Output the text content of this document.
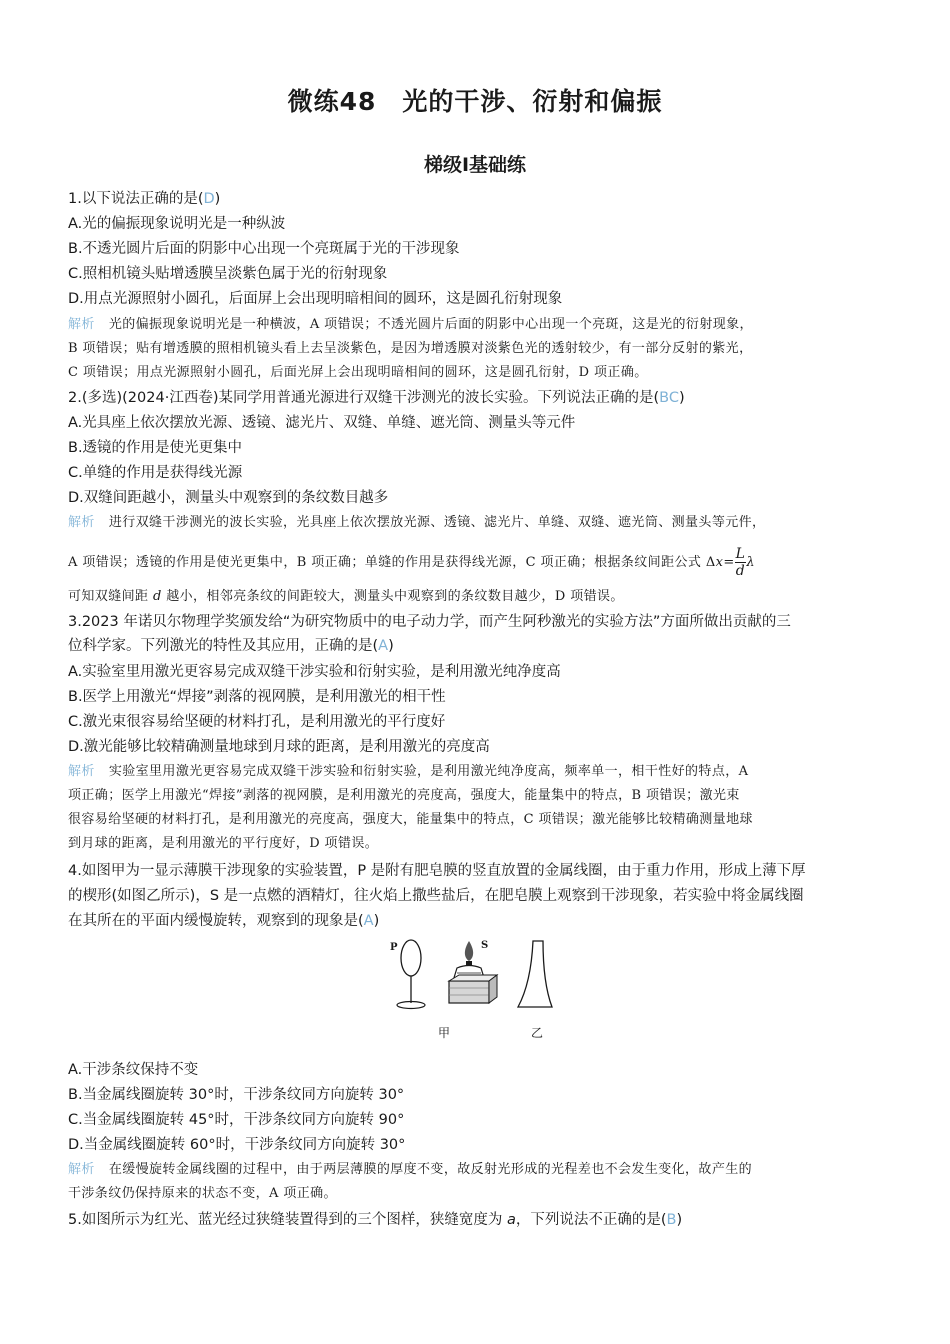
微练48　光的干涉、衍射和偏振
梯级Ⅰ基础练
1.以下说法正确的是(D)
A.光的偏振现象说明光是一种纵波
B.不透光圆片后面的阴影中心出现一个亮斑属于光的干涉现象
C.照相机镜头贴增透膜呈淡紫色属于光的衍射现象
D.用点光源照射小圆孔，后面屏上会出现明暗相间的圆环，这是圆孔衍射现象
解析 光的偏振现象说明光是一种横波，A 项错误；不透光圆片后面的阴影中心出现一个亮斑，这是光的衍射现象，
B 项错误；贴有增透膜的照相机镜头看上去呈淡紫色，是因为增透膜对淡紫色光的透射较少，有一部分反射的紫光，
C 项错误；用点光源照射小圆孔，后面光屏上会出现明暗相间的圆环，这是圆孔衍射，D 项正确。
2.(多选)(2024·江西卷)某同学用普通光源进行双缝干涉测光的波长实验。下列说法正确的是(BC)
A.光具座上依次摆放光源、透镜、滤光片、双缝、单缝、遮光筒、测量头等元件
B.透镜的作用是使光更集中
C.单缝的作用是获得线光源
D.双缝间距越小，测量头中观察到的条纹数目越多
解析 进行双缝干涉测光的波长实验，光具座上依次摆放光源、透镜、滤光片、单缝、双缝、遮光筒、测量头等元件，
A 项错误；透镜的作用是使光更集中，B 项正确；单缝的作用是获得线光源，C 项正确；根据条纹间距公式 $\Delta x= \frac{L}{d}$ λ
可知双缝间距 d 越小，相邻亮条纹的间距较大，测量头中观察到的条纹数目越少，D 项错误。
3.2023 年诺贝尔物理学奖颁发给“为研究物质中的电子动力学，而产生阿秒激光的实验方法”方面所做出贡献的三
位科学家。下列激光的特性及其应用，正确的是(A)
A.实验室里用激光更容易完成双缝干涉实验和衍射实验，是利用激光纯净度高
B.医学上用激光“焊接”剥落的视网膜，是利用激光的相干性
C.激光束很容易给坚硬的材料打孔，是利用激光的平行度好
D.激光能够比较精确测量地球到月球的距离，是利用激光的亮度高
解析 实验室里用激光更容易完成双缝干涉实验和衍射实验，是利用激光纯净度高，频率单一，相干性好的特点，A
项正确；医学上用激光“焊接”剥落的视网膜，是利用激光的亮度高，强度大，能量集中的特点，B 项错误；激光束
很容易给坚硬的材料打孔，是利用激光的亮度高，强度大，能量集中的特点，C 项错误；激光能够比较精确测量地球
到月球的距离，是利用激光的平行度好，D 项错误。
4.如图甲为一显示薄膜干涉现象的实验装置，P 是附有肥皂膜的竖直放置的金属线圈，由于重力作用，形成上薄下厚
的楔形(如图乙所示)，S 是一点燃的酒精灯，往火焰上撒些盐后，在肥皂膜上观察到干涉现象，若实验中将金属线圈
在其所在的平面内缓慢旋转，观察到的现象是(A)
P	S
甲	乙
A.干涉条纹保持不变
B.当金属线圈旋转 30°时，干涉条纹同方向旋转 30°
C.当金属线圈旋转 45°时，干涉条纹同方向旋转 90°
D.当金属线圈旋转 60°时，干涉条纹同方向旋转 30°
解析 在缓慢旋转金属线圈的过程中，由于两层薄膜的厚度不变，故反射光形成的光程差也不会发生变化，故产生的
干涉条纹仍保持原来的状态不变，A 项正确。
5.如图所示为红光、蓝光经过狭缝装置得到的三个图样，狭缝宽度为 a，下列说法不正确的是(B)
